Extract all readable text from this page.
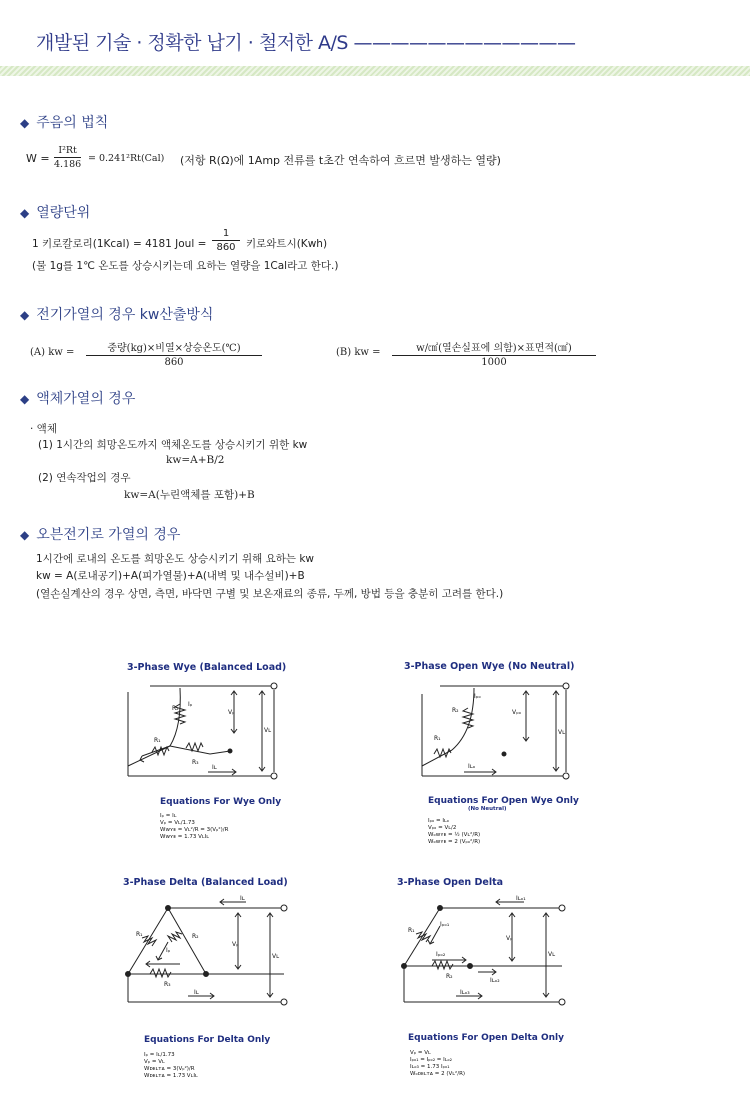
개발된 기술 · 정확한 납기 · 철저한 A/S ————————————
◆ 주음의 법칙
$W = \frac{\text{I²Rt}}{4.186} = 0.241^2Rt(Cal)$ (저항 R(Ω)에 1Amp 전류를 t초간 연속하여 흐르면 발생하는 열량)
◆ 열량단위
1 키로칼로리(1Kcal) = 4181 Joul = $\frac{1}{860}$ 키로와트시(Kwh)
(물 1g를 1℃ 온도를 상승시키는데 요하는 열량을 1Cal라고 한다.)
◆ 전기가열의 경우 kw산출방식
(A) kw =	중량(kg)×비열×상승온도(℃)
860
(B) kw =	w/㎠(열손실표에 의함)×표면적(㎠)
1000
◆ 액체가열의 경우
· 액체
(1) 1시간의 희망온도까지 액체온도를 상승시키기 위한 kw
kw=A+B/2
(2) 연속작업의 경우
kw=A(누린액체를 포함)+B
◆ 오븐전기로 가열의 경우
1시간에 로내의 온도를 희망온도 상승시키기 위해 요하는 kw
kw = A(로내공기)+A(피가열물)+A(내벽 및 내수설비)+B
(열손실계산의 경우 상면, 측면, 바닥면 구별 및 보온재료의 종류, 두께, 방법 등을 충분히 고려를 한다.)
3-Phase Wye (Balanced Load)
R₂
Iₚ
Vₚ
R₁
R₃
Vʟ
Iʟ
Equations For Wye Only
Iₚ = Iʟ
Vₚ = Vʟ/1.73
Wᴡʏᴇ = Vʟ²/R = 3(Vₚ²)/R
Wᴡʏᴇ = 1.73 VʟIʟ
3-Phase Open Wye (No Neutral)
R₂
Iₚₒ
Vₚₒ
R₁
Vʟ
Iʟₒ
Equations For Open Wye Only
(No Neutral)
Iₚₒ = Iʟₒ
Vₚₒ = Vʟ/2
Wₒᴡʏᴇ = ½ (Vʟ²/R)
Wₒᴡʏᴇ = 2 (Vₚₒ²/R)
3-Phase Delta (Balanced Load)
R₁	R₂
Iₚ
R₃
Iʟ
Vₚ
Vʟ
Iʟ
Equations For Delta Only
Iₚ = Iʟ/1.73
Vₚ = Vʟ
Wᴅᴇʟᴛᴀ = 3(Vₚ²)/R
Wᴅᴇʟᴛᴀ = 1.73 VʟIʟ
3-Phase Open Delta
R₁
Iₚₒ₁
Iₚₒ₂
R₂
Iʟₒ₁
Vₚ
Vʟ
Iʟₒ₂
Iʟₒ₃
Equations For Open Delta Only
Vₚ = Vʟ
Iₚₒ₁ = Iₚₒ₂ = Iʟₒ₂
Iʟₒ₃ = 1.73 Iₚₒ₁
Wₒᴅᴇʟᴛᴀ = 2 (Vʟ²/R)
